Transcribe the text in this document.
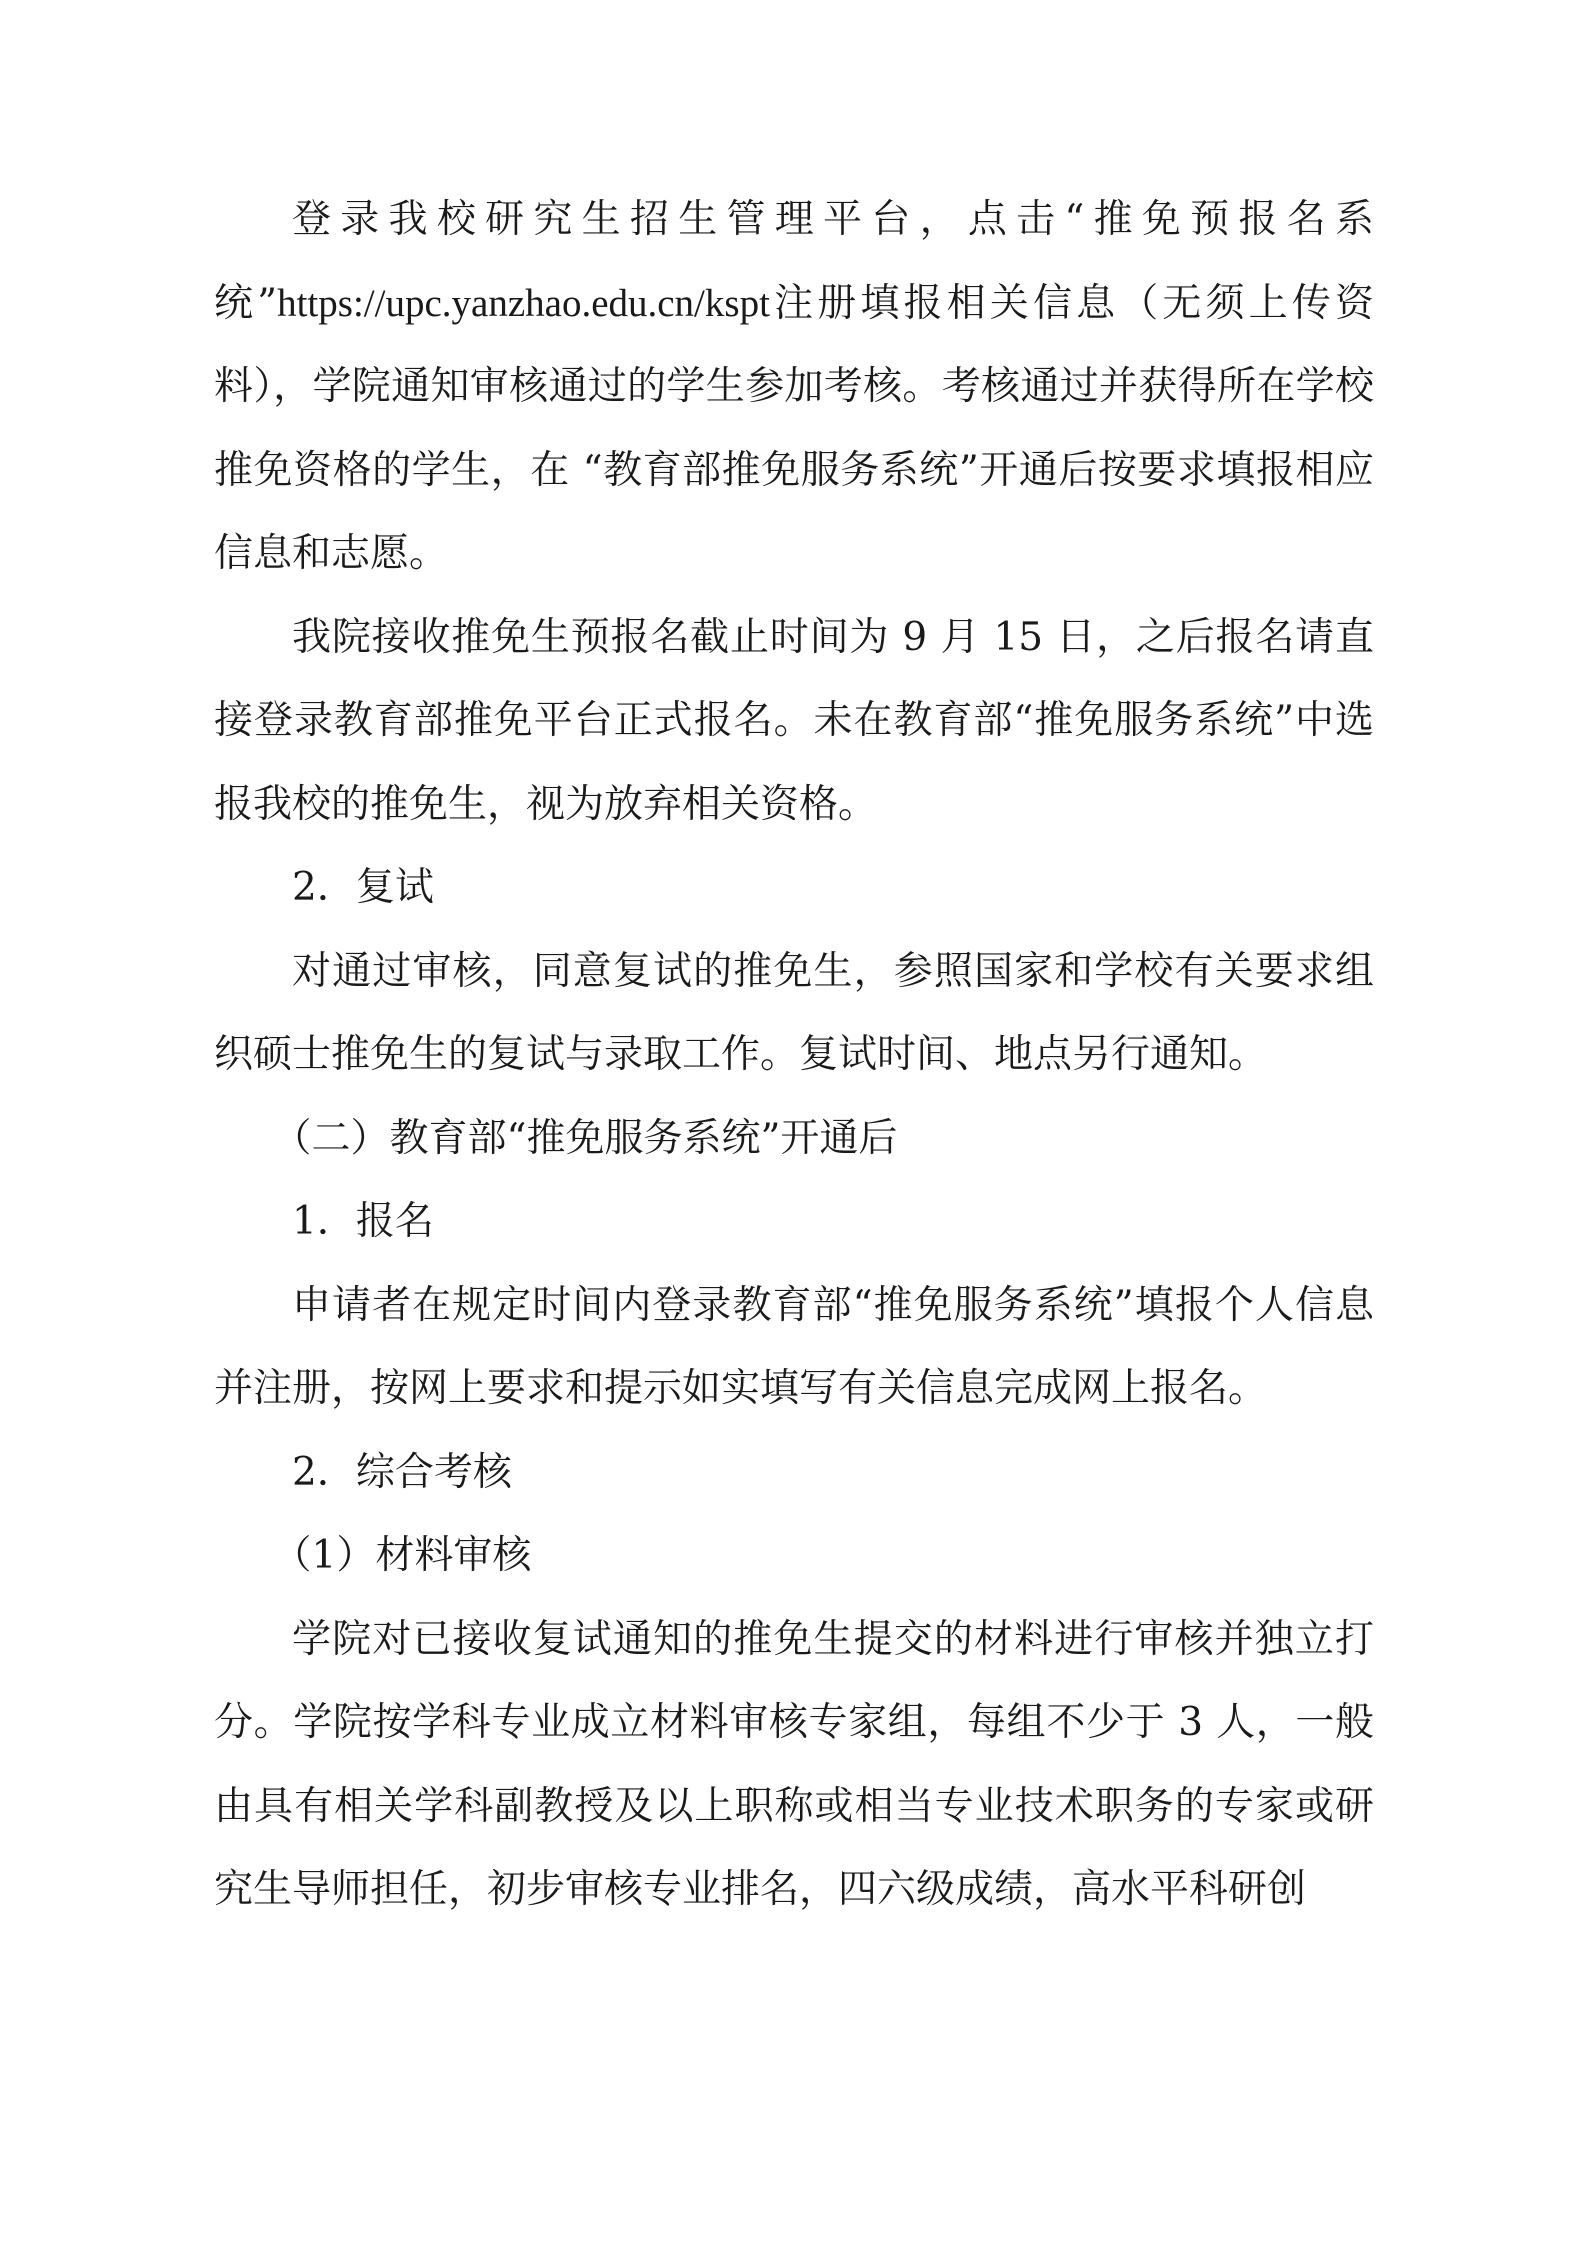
登录我校研究生招生管理平台，点击“推免预报名系统”https://upc.yanzhao.edu.cn/kspt注册填报相关信息（无须上传资料），学院通知审核通过的学生参加考核。考核通过并获得所在学校推免资格的学生，在 “教育部推免服务系统”开通后按要求填报相应信息和志愿。

我院接收推免生预报名截止时间为 9 月 15 日，之后报名请直接登录教育部推免平台正式报名。未在教育部“推免服务系统”中选报我校的推免生，视为放弃相关资格。

2．复试

对通过审核，同意复试的推免生，参照国家和学校有关要求组织硕士推免生的复试与录取工作。复试时间、地点另行通知。

（二）教育部“推免服务系统”开通后

1．报名

申请者在规定时间内登录教育部“推免服务系统”填报个人信息并注册，按网上要求和提示如实填写有关信息完成网上报名。

2．综合考核

（1）材料审核

学院对已接收复试通知的推免生提交的材料进行审核并独立打分。学院按学科专业成立材料审核专家组，每组不少于 3 人，一般由具有相关学科副教授及以上职称或相当专业技术职务的专家或研究生导师担任，初步审核专业排名，四六级成绩，高水平科研创
